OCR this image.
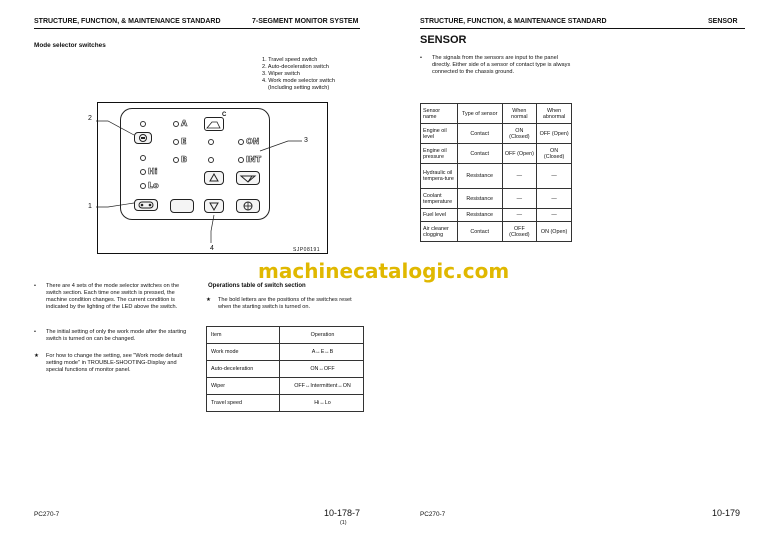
STRUCTURE, FUNCTION, & MAINTENANCE STANDARD	7-SEGMENT MONITOR SYSTEM	STRUCTURE, FUNCTION, & MAINTENANCE STANDARD	SENSOR
Mode selector switches
1. Travel speed switch
2. Auto-deceleration switch
3. Wiper switch
4. Work mode selector switch
(Including setting switch)
Hi
Lo
A
E
B
C
ON
INT
2
3
1
4	SJP08191
machinecatalogic.com
• There are 4 sets of the mode selector switches on the switch section. Each time one switch is pressed, the machine condition changes. The current condition is indicated by the lighting of the LED above the switch.
• The initial setting of only the work mode after the starting switch is turned on can be changed.
★ For how to change the setting, see "Work mode default setting mode" in TROUBLE-SHOOTING-Display and special functions of monitor panel.
Operations table of switch section
★ The bold letters are the positions of the switches reset when the starting switch is turned on.
Item	Operation
Work mode	A↔E↔B
Auto-deceleration	ON↔OFF
Wiper	OFF↔Intermittent↔ON
Travel speed	Hi↔Lo
SENSOR
• The signals from the sensors are input to the panel directly. Either side of a sensor of contact type is always connected to the chassis ground.
Sensor name	Type of sensor	When normal	When abnormal
Engine oil level	Contact	ON (Closed)	OFF (Open)
Engine oil pressure	Contact	OFF (Open)	ON (Closed)
Hydraulic oil tempera-ture	Resistance	—	—
Coolant temperature	Resistance	—	—
Fuel level	Resistance	—	—
Air cleaner clogging	Contact	OFF (Closed)	ON (Open)
PC270-7	10-178-7
(1)
PC270-7	10-179
